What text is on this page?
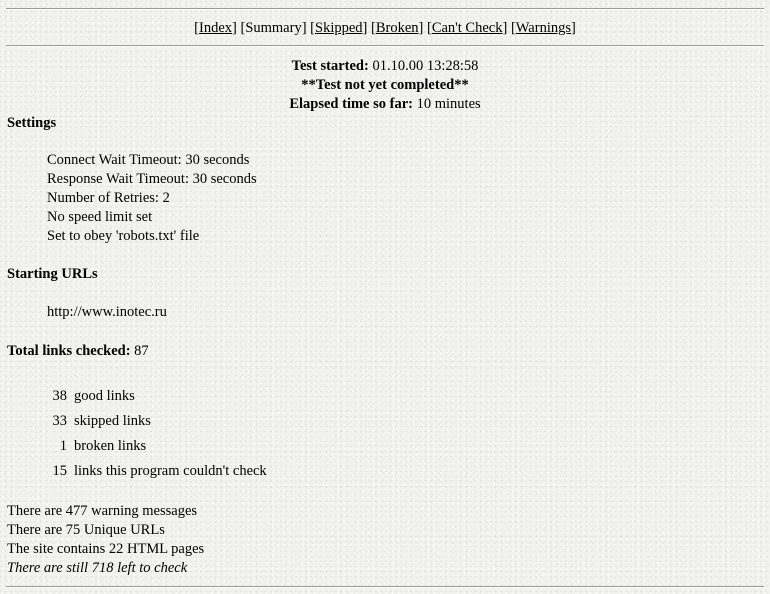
[Index] [Summary] [Skipped] [Broken] [Can't Check] [Warnings]
Test started: 01.10.00 13:28:58
**Test not yet completed**
Elapsed time so far: 10 minutes
Settings
Connect Wait Timeout: 30 seconds
Response Wait Timeout: 30 seconds
Number of Retries: 2
No speed limit set
Set to obey 'robots.txt' file
Starting URLs
http://www.inotec.ru
Total links checked: 87
38	good links
33	skipped links
1	broken links
15	links this program couldn't check
There are 477 warning messages
There are 75 Unique URLs
The site contains 22 HTML pages
There are still 718 left to check
